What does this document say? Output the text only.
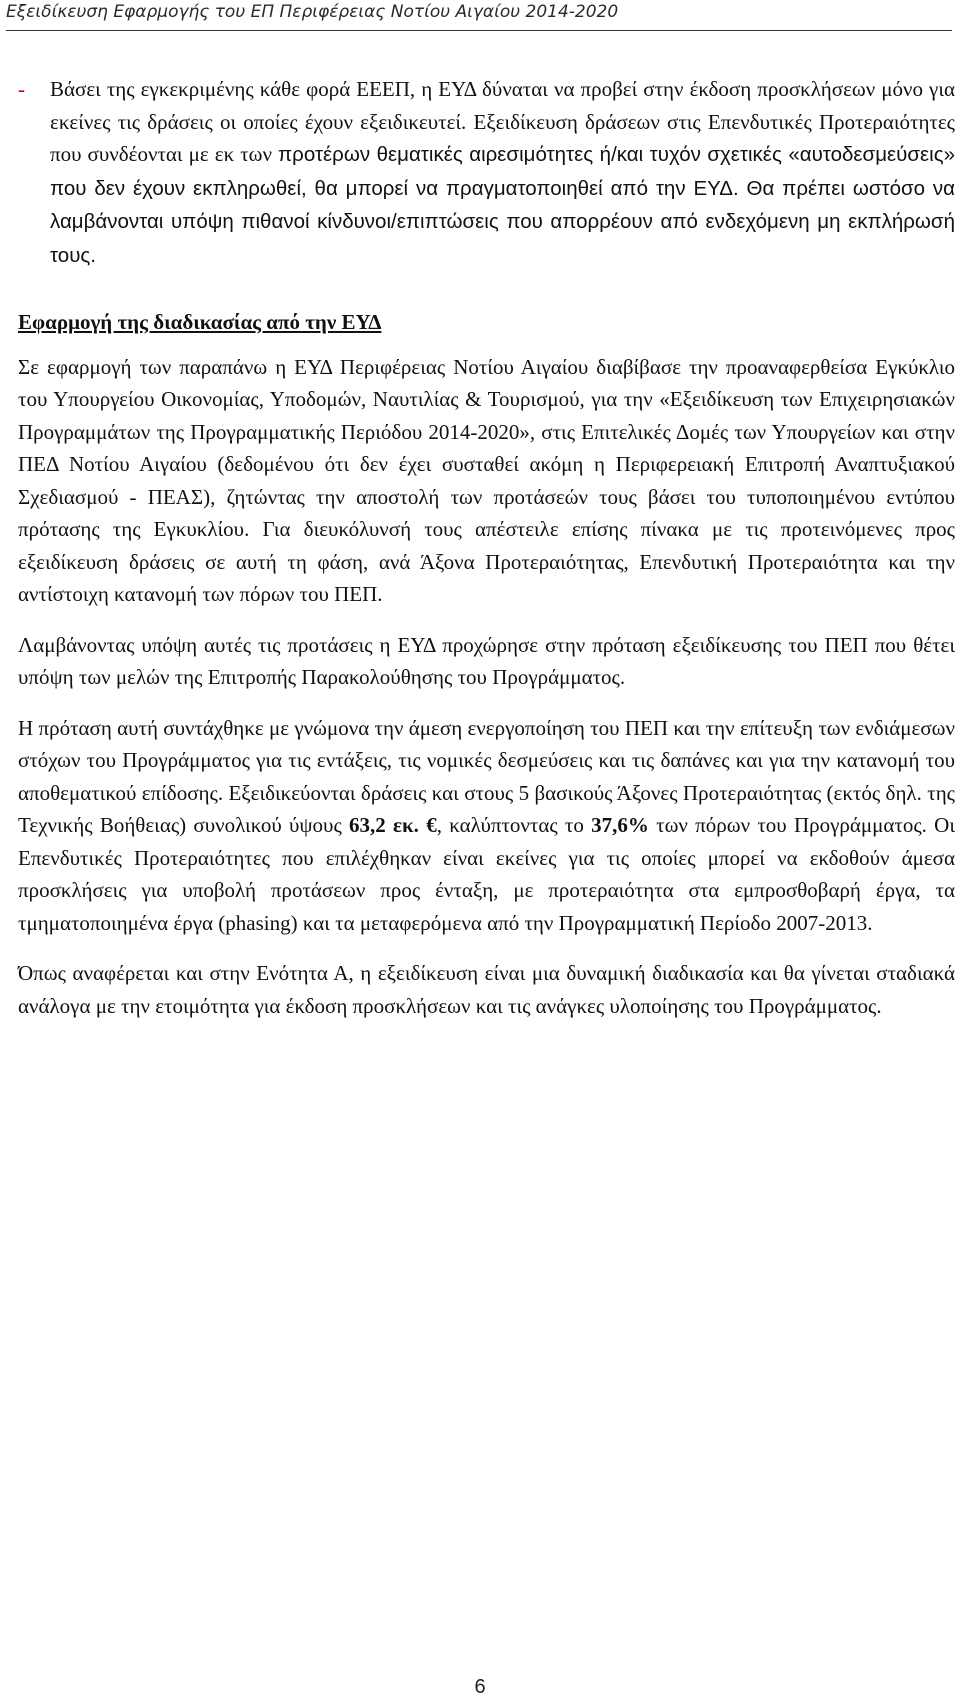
Εξειδίκευση Εφαρμογής του ΕΠ Περιφέρειας Νοτίου Αιγαίου 2014-2020
-	Βάσει της εγκεκριμένης κάθε φορά ΕΕΕΠ, η ΕΥΔ δύναται να προβεί στην έκδοση προσκλήσεων μόνο για εκείνες τις δράσεις οι οποίες έχουν εξειδικευτεί. Εξειδίκευση δράσεων στις Επενδυτικές Προτεραιότητες που συνδέονται με εκ των προτέρων θεματικές αιρεσιμότητες ή/και τυχόν σχετικές «αυτοδεσμεύσεις» που δεν έχουν εκπληρωθεί, θα μπορεί να πραγματοποιηθεί από την ΕΥΔ. Θα πρέπει ωστόσο να λαμβάνονται υπόψη πιθανοί κίνδυνοι/επιπτώσεις που απορρέουν από ενδεχόμενη μη εκπλήρωσή τους.
Εφαρμογή της διαδικασίας από την ΕΥΔ

Σε εφαρμογή των παραπάνω η ΕΥΔ Περιφέρειας Νοτίου Αιγαίου διαβίβασε την προαναφερθείσα Εγκύκλιο του Υπουργείου Οικονομίας, Υποδομών, Ναυτιλίας & Τουρισμού, για την «Εξειδίκευση των Επιχειρησιακών Προγραμμάτων της Προγραμματικής Περιόδου 2014-2020», στις Επιτελικές Δομές των Υπουργείων και στην ΠΕΔ Νοτίου Αιγαίου (δεδομένου ότι δεν έχει συσταθεί ακόμη η Περιφερειακή Επιτροπή Αναπτυξιακού Σχεδιασμού - ΠΕΑΣ), ζητώντας την αποστολή των προτάσεών τους βάσει του τυποποιημένου εντύπου πρότασης της Εγκυκλίου. Για διευκόλυνσή τους απέστειλε επίσης πίνακα με τις προτεινόμενες προς εξειδίκευση δράσεις σε αυτή τη φάση, ανά Άξονα Προτεραιότητας, Επενδυτική Προτεραιότητα και την αντίστοιχη κατανομή των πόρων του ΠΕΠ.

Λαμβάνοντας υπόψη αυτές τις προτάσεις η ΕΥΔ προχώρησε στην πρόταση εξειδίκευσης του ΠΕΠ που θέτει υπόψη των μελών της Επιτροπής Παρακολούθησης του Προγράμματος.

Η πρόταση αυτή συντάχθηκε με γνώμονα την άμεση ενεργοποίηση του ΠΕΠ και την επίτευξη των ενδιάμεσων στόχων του Προγράμματος για τις εντάξεις, τις νομικές δεσμεύσεις και τις δαπάνες και για την κατανομή του αποθεματικού επίδοσης. Εξειδικεύονται δράσεις και στους 5 βασικούς Άξονες Προτεραιότητας (εκτός δηλ. της Τεχνικής Βοήθειας) συνολικού ύψους 63,2 εκ. €, καλύπτοντας το 37,6% των πόρων του Προγράμματος. Οι Επενδυτικές Προτεραιότητες που επιλέχθηκαν είναι εκείνες για τις οποίες μπορεί να εκδοθούν άμεσα προσκλήσεις για υποβολή προτάσεων προς ένταξη, με προτεραιότητα στα εμπροσθοβαρή έργα, τα τμηματοποιημένα έργα (phasing) και τα μεταφερόμενα από την Προγραμματική Περίοδο 2007-2013.

Όπως αναφέρεται και στην Ενότητα Α, η εξειδίκευση είναι μια δυναμική διαδικασία και θα γίνεται σταδιακά ανάλογα με την ετοιμότητα για έκδοση προσκλήσεων και τις ανάγκες υλοποίησης του Προγράμματος.

6
